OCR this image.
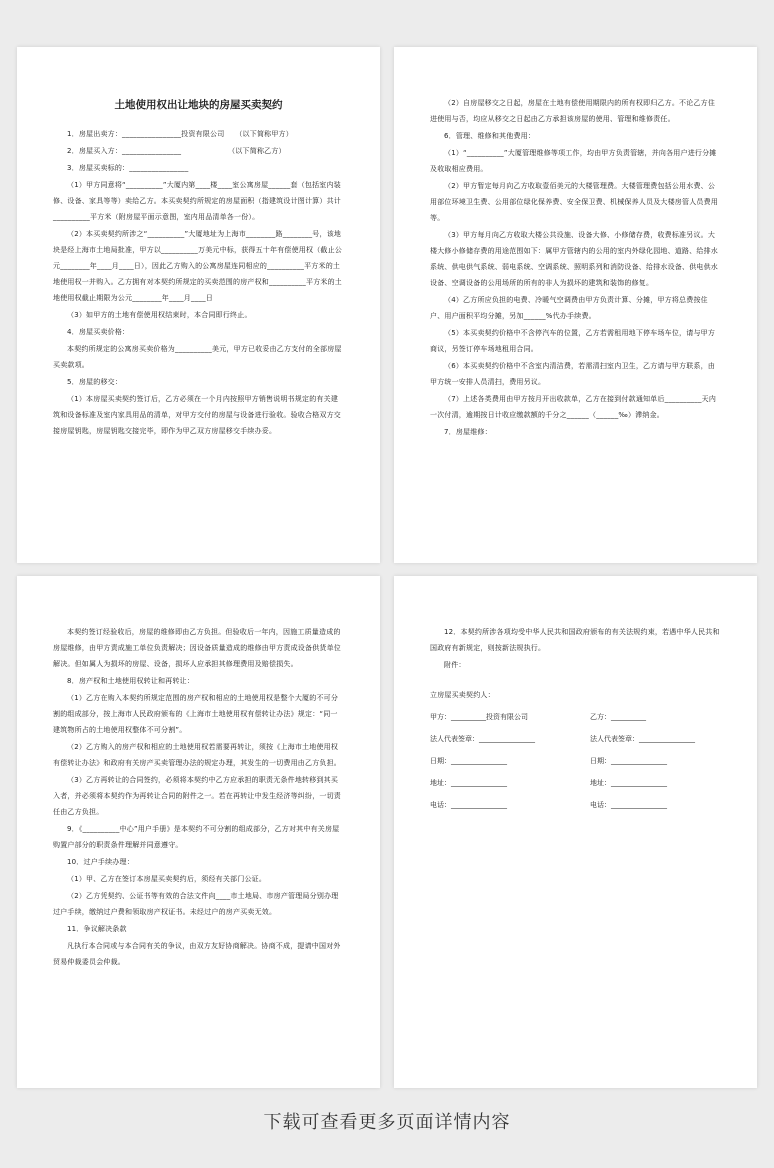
土地使用权出让地块的房屋买卖契约
1．房屋出卖方：________________投资有限公司　　（以下简称甲方）
2．房屋买入方：________________　　　　　　　（以下简称乙方）
3．房屋买卖标的：________________
（1）甲方同意将“__________”大厦内第____楼____室公寓房屋______套（包括室内装修、设备、家具等等）卖给乙方。本买卖契约所规定的房屋面积（指建筑设计图计算）共计__________平方米（附房屋平面示意图，室内用品清单各一份）。
（2）本买卖契约所涉之“__________”大厦地址为上海市________路________号，该地块是经上海市土地局批准，甲方以__________万美元中标，获得五十年有偿使用权（截止公元________年____月____日），因此乙方购入的公寓房屋连同相应的__________平方米的土地使用权一并购入。乙方拥有对本契约所规定的买卖范围的房产权和__________平方米的土地使用权截止期限为公元________年____月____日
（3）如甲方的土地有偿使用权结束时，本合同即行终止。
4．房屋买卖价格：
本契约所规定的公寓房买卖价格为__________美元，甲方已收妥由乙方支付的全部房屋买卖款项。
5．房屋的移交：
（1）本房屋买卖契约签订后，乙方必须在一个月内按照甲方销售说明书规定的有关建筑和设备标准及室内家具用品的清单，对甲方交付的房屋与设备进行验收。验收合格双方交接房屋钥匙，房屋钥匙交接完毕，即作为甲乙双方房屋移交手续办妥。
（2）自房屋移交之日起，房屋在土地有偿使用期限内的所有权即归乙方。不论乙方住进使用与否，均应从移交之日起由乙方承担该房屋的使用、管理和维修责任。
6．管理、维修和其他费用：
（1）“__________”大厦管理维修等项工作，均由甲方负责管辖，并向各用户进行分摊及收取相应费用。
（2）甲方暂定每月向乙方收取壹佰美元的大楼管理费。大楼管理费包括公用水费、公用部位环境卫生费、公用部位绿化保养费、安全保卫费、机械保养人员及大楼房管人员费用等。
（3）甲方每月向乙方收取大楼公共设施、设备大修、小修储存费，收费标准另议。大楼大修小修储存费的用途范围如下：属甲方管辖内的公用的室内外绿化园地、道路、给排水系统、供电供气系统、弱电系统、空调系统、照明系列和消防设备、给排水设备、供电供水设备、空调设备的公用场所的所有的非人为损坏的建筑和装饰的修复。
（4）乙方所应负担的电费、冷暖气空调费由甲方负责计算、分摊，甲方将总费按住户、用户面积平均分摊，另加______%代办手续费。
（5）本买卖契约价格中不含停汽车的位置，乙方若需租用地下停车场车位，请与甲方商议，另签订停车场地租用合同。
（6）本买卖契约价格中不含室内清洁费，若需清扫室内卫生，乙方请与甲方联系，由甲方统一安排人员清扫，费用另议。
（7）上述各类费用由甲方按月开出收款单，乙方在接到付款通知单后__________天内一次付清，逾期按日计收应缴款额的千分之______（______‰）滞纳金。
7．房屋维修：
本契约签订经验收后，房屋的维修即由乙方负担。但验收后一年内，因施工质量造成的房屋维修，由甲方责成施工单位负责解决；因设备质量造成的维修由甲方责成设备供货单位解决。但如属人为损坏的房屋、设备，损坏人应承担其修理费用及赔偿损失。
8．房产权和土地使用权转让和再转让：
（1）乙方在购入本契约所规定范围的房产权和相应的土地使用权是整个大厦的不可分割的组成部分，按上海市人民政府颁布的《上海市土地使用权有偿转让办法》规定：“同一建筑物所占的土地使用权整体不可分割”。
（2）乙方购入的房产权和相应的土地使用权若需要再转让，须按《上海市土地使用权有偿转让办法》和政府有关房产买卖管理办法的规定办理，其发生的一切费用由乙方负担。
（3）乙方再转让的合同签约，必须将本契约中乙方应承担的职责无条件地转移到其买入者，并必须将本契约作为再转让合同的附件之一。若在再转让中发生经济等纠纷，一切责任由乙方负担。
9．《__________中心”用户手册》是本契约不可分割的组成部分，乙方对其中有关房屋购置户部分的职责条件理解并同意遵守。
10．过户手续办理：
（1）甲、乙方在签订本房屋买卖契约后，须经有关部门公证。
（2）乙方凭契约、公证书等有效的合法文件向____市土地局、市房产管理局分别办理过户手续，缴纳过户费和领取房产权证书。未经过户的房产买卖无效。
11．争议解决条款
凡执行本合同或与本合同有关的争议，由双方友好协商解决。协商不成，提请中国对外贸易仲裁委员会仲裁。
12．本契约所涉各项均受中华人民共和国政府颁布的有关法规约束，若遇中华人民共和国政府有新规定，则按新法规执行。
附件：
立房屋买卖契约人：
甲方：__________投资有限公司	乙方：__________
法人代表签章：________________	法人代表签章：________________
日期：________________	日期：________________
地址：________________	地址：________________
电话：________________	电话：________________
下载可查看更多页面详情内容
